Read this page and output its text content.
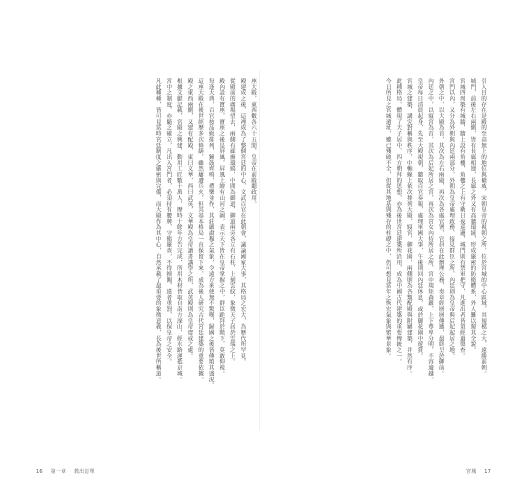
座大殿，東西數各六十五間，皇帝在前殿聽政用。
殿建成之後，這裡成為了整個宮廷的中心，文武百官在此朝會，議論國家大事，其格局之宏大，為歷代所罕見。
從殿前的廣場望去，兩側有廊廡環繞，中間為御道，御道兩旁各立有石柱，上刻雲紋，象徵天子居於雲端之上。
殿內設有寶座，寶座之後是屏風，屏風上繪有山河之圖，表示天下皆在皇帝掌握之中，群臣跪拜於階下，莫敢仰視。
每逢大典，百官按品級排列，鐘鼓齊鳴，禮樂並作，其莊嚴肅穆之氣象，令遠方來使無不驚嘆，歸國之後皆傳頌其盛況。
這座大殿在後世經歷多次修繕，雖然屢遭兵火，但其基本格局一直保留下來，成為後人研究古代宮廷建築的重要依據。
殿之東西兩側，又建有配殿，東曰文華，西曰武英，文華殿為皇帝讀書講學之所，武英殿則為皇帝齋戒之處。
根據文獻記載，宮殿之興建，動用工匠數十萬人，歷時十餘年方告完成，所用木材皆取自南方深山，經水路運抵京城。
宮中之制度，亦隨之確立，凡出入宮門者，必須持有腰牌，守衛嚴查，不得擅闖，違者重罰，以保皇帝之安全。
凡此種種，皆可見當時宮廷制度之嚴密與完備，而大殿作為其中心，自然承載了最重要的象徵意義，長為後世所稱道。	引人目的存在是殿的至高無上的地位與權威，宋朝皇帝的視朝之所，位於宮城的中心區域，其規模之大，遠勝前朝。
城門，前後左右兩側，皆有長廊相連，長廊之外又有高牆環繞，形成嚴密的防衛體系，外人難以窺其全貌。
宮城四周築有城牆，牆上設有角樓，角樓之上有守衛日夜巡邏，城門則有禁軍把守，凡進出者皆須經過盤查。
宮門以內，又分為外朝與內廷兩部分，外朝為皇帝處理政務、接見群臣之所，內廷則為皇帝與后妃起居之地。
外朝之中，以大殿為首，其次為左右兩殿，再次為各處官署，官員在此辦理公務，奏章經層層傳遞，最終呈於御前。
內廷之中，以寢宮為首，其次為后妃所居之宮，再次為宮女內侍所居之所，宮中規矩森嚴，上下尊卑分明，不容逾越。
皇帝每日清晨起身，先至大殿視朝，聽取百官奏報，處理軍國大事，午後則回內廷休息，或於御花園中遊賞。
宮城之建築，講究對稱與秩序，中軸線上依次排列大殿、寢宮、御花園，兩側則為各類配殿與附屬建築，井然有序。
此種格局，體現了天子居中、四方朝拜的思想，亦為後世宮廷建築所沿用，成為中國古代建築的重要傳統之一。
今日所見之宮城遺址，雖已殘破不全，但從其地基與殘存的柱礎之中，仍可想見當年之恢宏氣象與繁華景象。
16 第一章 教出訂單	宮城 17
